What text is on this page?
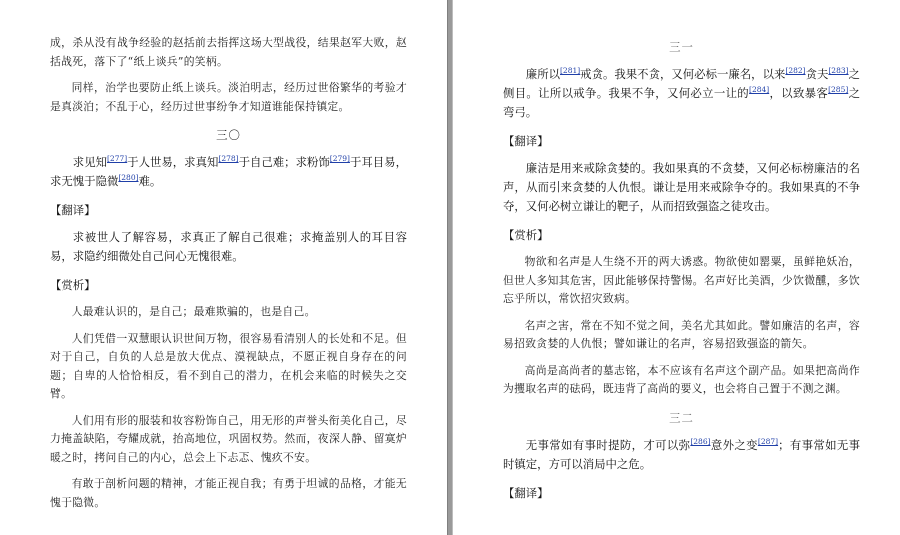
成，杀从没有战争经验的赵括前去指挥这场大型战役，结果赵军大败，赵括战死，落下了“纸上谈兵”的笑柄。

同样，治学也要防止纸上谈兵。淡泊明志，经历过世俗繁华的考验才是真淡泊；不乱于心，经历过世事纷争才知道谁能保持镇定。

三〇

求见知[277]于人世易，求真知[278]于自己难；求粉饰[279]于耳目易，求无愧于隐微[280]难。

【翻译】

求被世人了解容易，求真正了解自己很难；求掩盖别人的耳目容易，求隐约细微处自己问心无愧很难。

【赏析】

人最难认识的，是自己；最难欺骗的，也是自己。

人们凭借一双慧眼认识世间万物，很容易看清别人的长处和不足。但对于自己，自负的人总是放大优点、漠视缺点，不愿正视自身存在的问题；自卑的人恰恰相反，看不到自己的潜力，在机会来临的时候失之交臂。

人们用有形的服装和妆容粉饰自己，用无形的声誉头衔美化自己，尽力掩盖缺陷，夸耀成就，抬高地位，巩固权势。然而，夜深人静、留寞炉暖之时，拷问自己的内心，总会上下忐忑、愧疚不安。

有敢于剖析问题的精神，才能正视自我；有勇于坦诚的品格，才能无愧于隐微。

三一

廉所以[281]戒贪。我果不贪，又何必标一廉名，以来[282]贪夫[283]之侧目。让所以戒争。我果不争，又何必立一让的[284]，以致暴客[285]之弯弓。

【翻译】

廉洁是用来戒除贪婪的。我如果真的不贪婪，又何必标榜廉洁的名声，从而引来贪婪的人仇恨。谦让是用来戒除争夺的。我如果真的不争夺，又何必树立谦让的靶子，从而招致强盗之徒攻击。

【赏析】

物欲和名声是人生绕不开的两大诱惑。物欲使如罂粟，虽鲜艳妖冶，但世人多知其危害，因此能够保持警惕。名声好比美酒，少饮微醺，多饮忘乎所以，常饮招灾致病。

名声之害，常在不知不觉之间，美名尤其如此。譬如廉洁的名声，容易招致贪婪的人仇恨；譬如谦让的名声，容易招致强盗的箭矢。

高尚是高尚者的墓志铭，本不应该有名声这个副产品。如果把高尚作为攫取名声的砝码，既违背了高尚的要义，也会将自己置于不测之渊。

三二

无事常如有事时提防，才可以弥[286]意外之变[287]；有事常如无事时镇定，方可以消局中之危。

【翻译】
